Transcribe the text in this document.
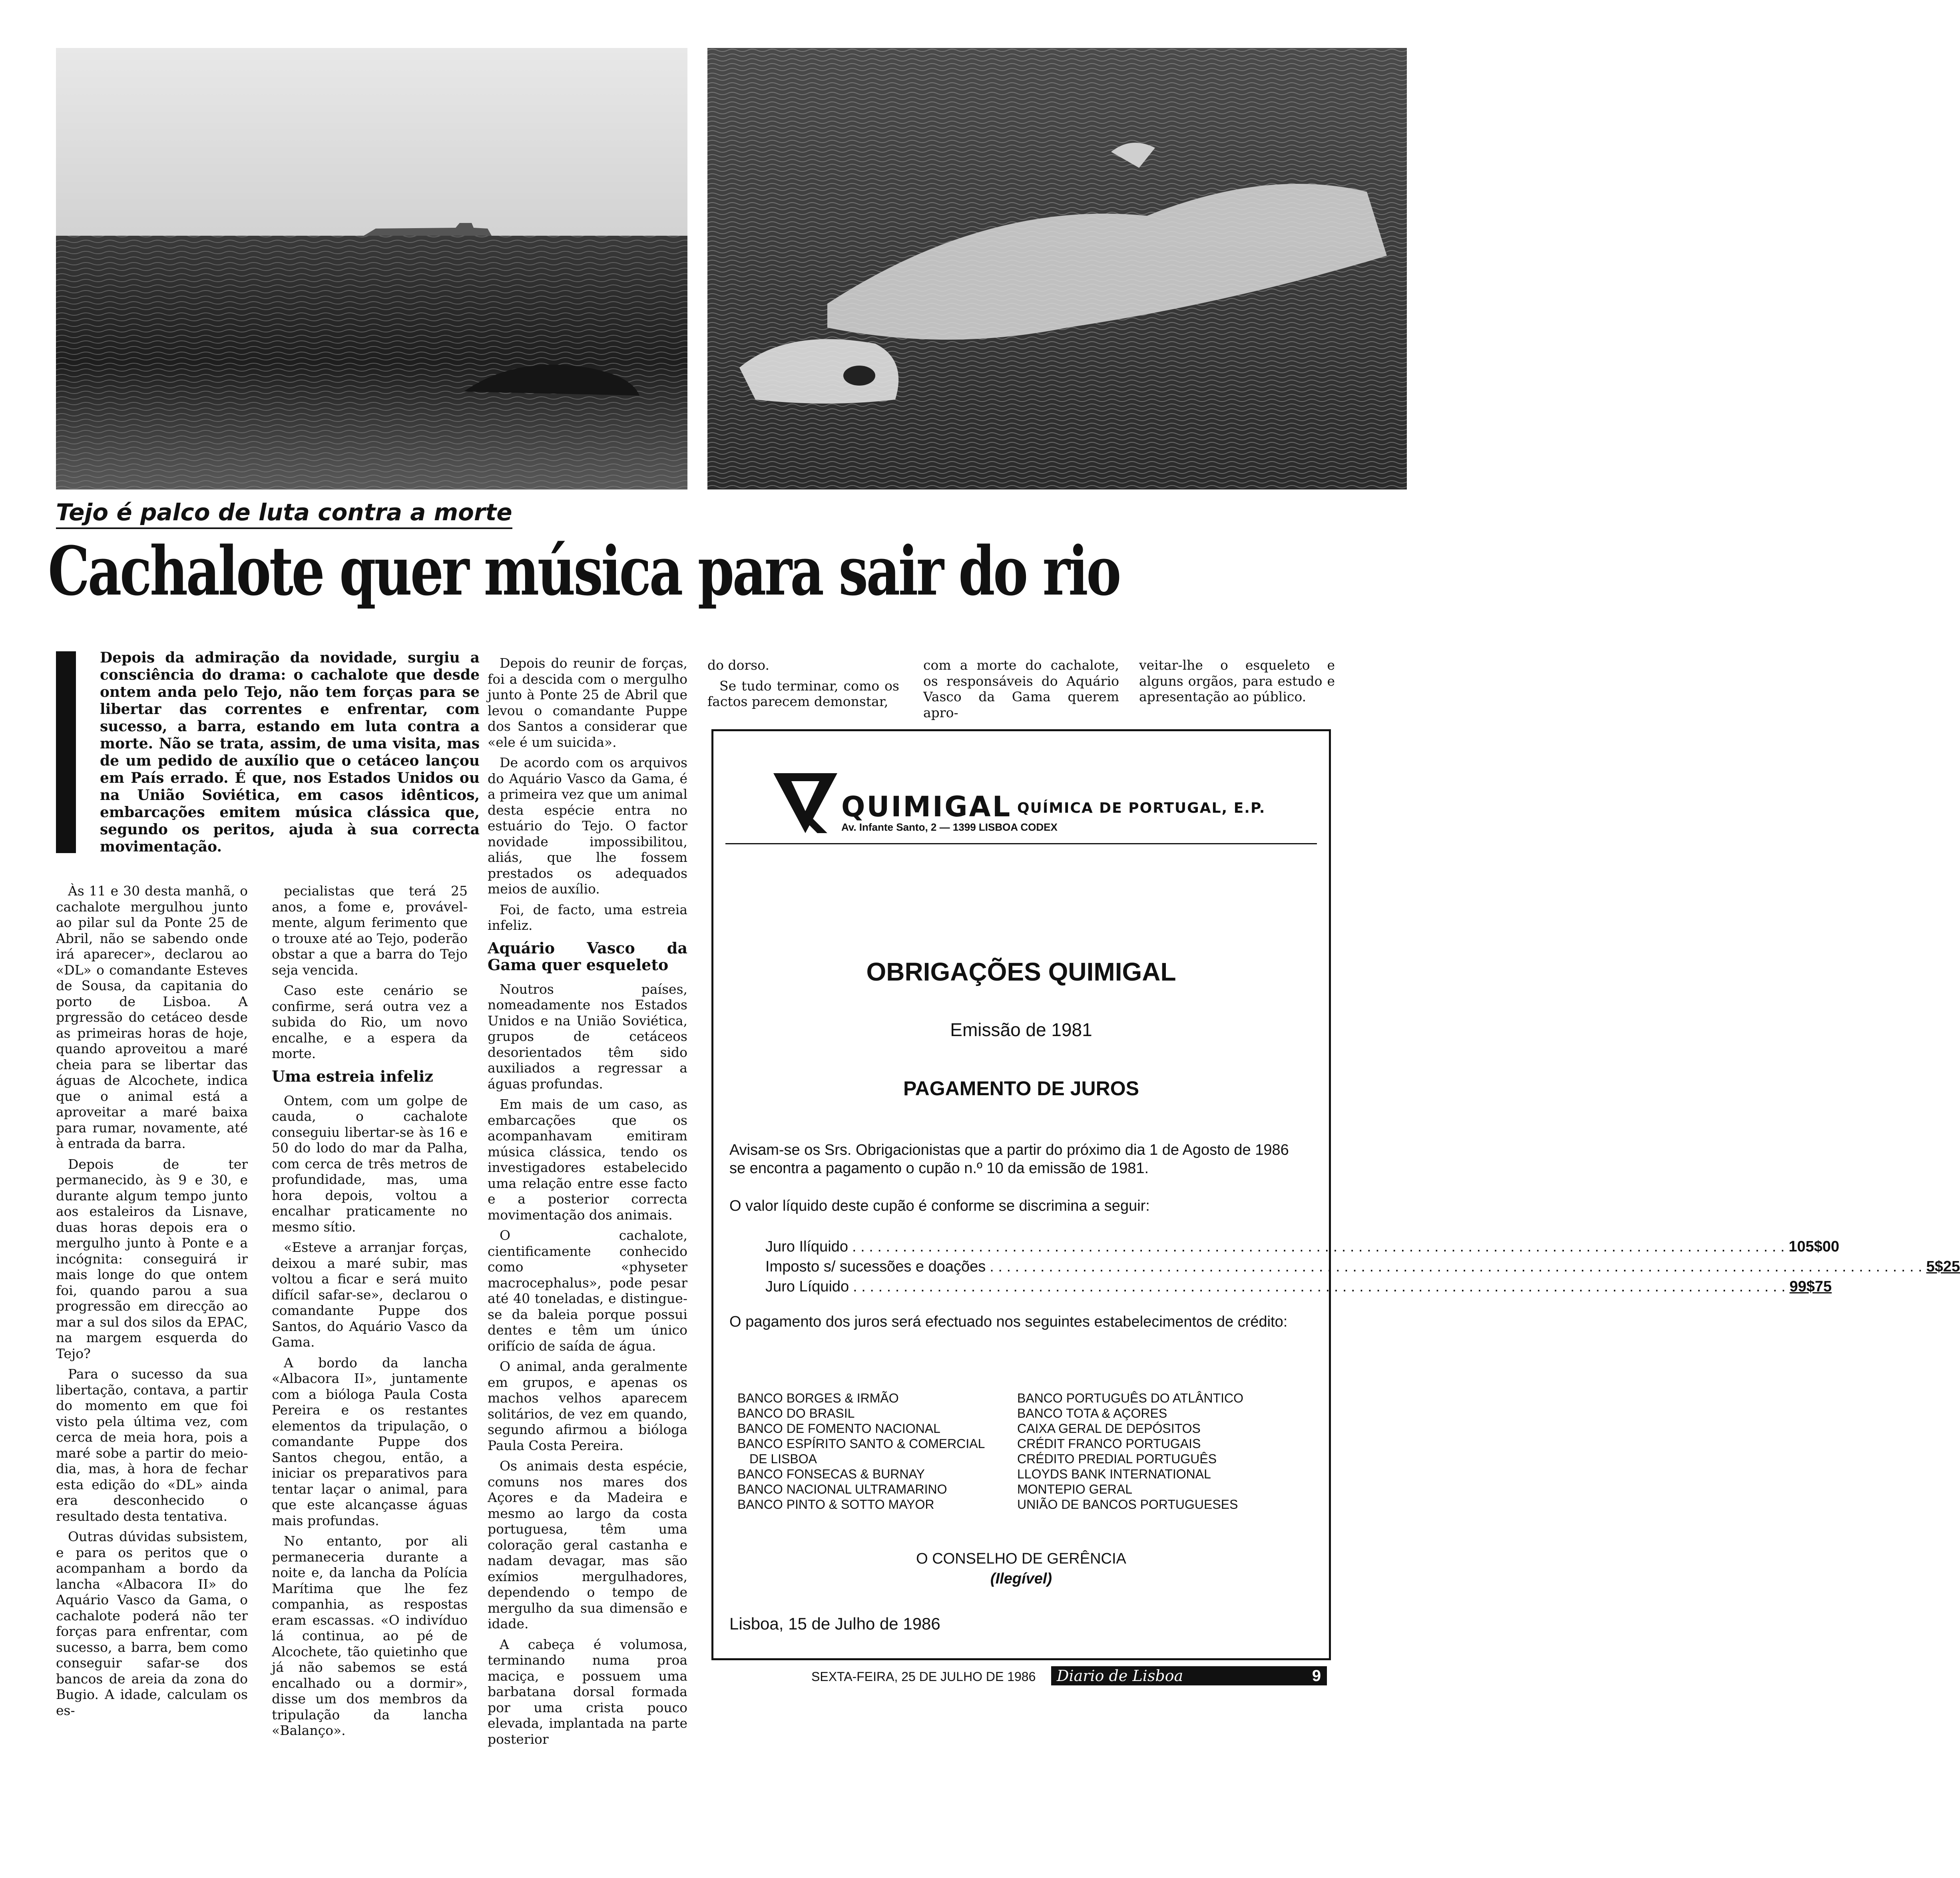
Tejo é palco de luta contra a morte
Cachalote quer música para sair do rio
Depois da admiração da novidade, surgiu a consciência do drama: o cachalote que desde ontem anda pelo Tejo, não tem forças para se libertar das correntes e enfrentar, com sucesso, a barra, estando em luta contra a morte. Não se trata, assim, de uma visita, mas de um pedido de auxílio que o cetáceo lançou em País errado. É que, nos Estados Unidos ou na União Soviética, em casos idênticos, embarcações emitem música clássica que, segundo os peritos, ajuda à sua correcta movimentação.

Às 11 e 30 desta manhã, o cachalote mergulhou junto ao pilar sul da Ponte 25 de Abril, não se sabendo onde irá aparecer», declarou ao «DL» o comandante Esteves de Sousa, da capitania do porto de Lisboa. A prgressão do cetáceo desde as primeiras horas de hoje, quando aproveitou a maré cheia para se libertar das águas de Alcochete, indica que o animal está a aproveitar a maré baixa para rumar, novamente, até à entrada da barra.

Depois de ter permanecido, às 9 e 30, e durante algum tempo junto aos estaleiros da Lisnave, duas horas depois era o mergulho junto à Ponte e a incógnita: conseguirá ir mais longe do que ontem foi, quando parou a sua progressão em direcção ao mar a sul dos silos da EPAC, na margem esquerda do Tejo?

Para o sucesso da sua libertação, contava, a partir do momento em que foi visto pela última vez, com cerca de meia hora, pois a maré sobe a partir do meio-dia, mas, à hora de fechar esta edição do «DL» ainda era desconhecido o resultado desta tentativa.

Outras dúvidas subsistem, e para os peritos que o acompanham a bordo da lancha «Albacora II» do Aquário Vasco da Gama, o cachalote poderá não ter forças para enfrentar, com sucesso, a barra, bem como conseguir safar-se dos bancos de areia da zona do Bugio. A idade, calculam os es-

pecialistas que terá 25 anos, a fome e, provável-mente, algum ferimento que o trouxe até ao Tejo, poderão obstar a que a barra do Tejo seja vencida.

Caso este cenário se confirme, será outra vez a subida do Rio, um novo encalhe, e a espera da morte.

Uma estreia infeliz

Ontem, com um golpe de cauda, o cachalote conseguiu libertar-se às 16 e 50 do lodo do mar da Palha, com cerca de três metros de profundidade, mas, uma hora depois, voltou a encalhar praticamente no mesmo sítio.

«Esteve a arranjar forças, deixou a maré subir, mas voltou a ficar e será muito difícil safar-se», declarou o comandante Puppe dos Santos, do Aquário Vasco da Gama.

A bordo da lancha «Albacora II», juntamente com a bióloga Paula Costa Pereira e os restantes elementos da tripulação, o comandante Puppe dos Santos chegou, então, a iniciar os preparativos para tentar laçar o animal, para que este alcançasse águas mais profundas.

No entanto, por ali permaneceria durante a noite e, da lancha da Polícia Marítima que lhe fez companhia, as respostas eram escassas. «O indivíduo lá continua, ao pé de Alcochete, tão quietinho que já não sabemos se está encalhado ou a dormir», disse um dos membros da tripulação da lancha «Balanço».

Depois do reunir de forças, foi a descida com o mergulho junto à Ponte 25 de Abril que levou o comandante Puppe dos Santos a considerar que «ele é um suicida».

De acordo com os arquivos do Aquário Vasco da Gama, é a primeira vez que um animal desta espécie entra no estuário do Tejo. O factor novidade impossibilitou, aliás, que lhe fossem prestados os adequados meios de auxílio.

Foi, de facto, uma estreia infeliz.

Aquário Vasco da Gama quer esqueleto

Noutros países, nomeadamente nos Estados Unidos e na União Soviética, grupos de cetáceos desorientados têm sido auxiliados a regressar a águas profundas.

Em mais de um caso, as embarcações que os acompanhavam emitiram música clássica, tendo os investigadores estabelecido uma relação entre esse facto e a posterior correcta movimentação dos animais.

O cachalote, cientificamente conhecido como «physeter macrocephalus», pode pesar até 40 toneladas, e distingue-se da baleia porque possui dentes e têm um único orifício de saída de água.

O animal, anda geralmente em grupos, e apenas os machos velhos aparecem solitários, de vez em quando, segundo afirmou a bióloga Paula Costa Pereira.

Os animais desta espécie, comuns nos mares dos Açores e da Madeira e mesmo ao largo da costa portuguesa, têm uma coloração geral castanha e nadam devagar, mas são exímios mergulhadores, dependendo o tempo de mergulho da sua dimensão e idade.

A cabeça é volumosa, terminando numa proa maciça, e possuem uma barbatana dorsal formada por uma crista pouco elevada, implantada na parte posterior

do dorso.

Se tudo terminar, como os factos parecem demonstar,

com a morte do cachalote, os responsáveis do Aquário Vasco da Gama querem apro-

veitar-lhe o esqueleto e alguns orgãos, para estudo e apresentação ao público.

QUIMIGAL QUÍMICA DE PORTUGAL, E.P.
Av. Infante Santo, 2 — 1399 LISBOA CODEX
OBRIGAÇÕES QUIMIGAL
Emissão de 1981
PAGAMENTO DE JUROS
Avisam-se os Srs. Obrigacionistas que a partir do próximo dia 1 de Agosto de 1986 se encontra a pagamento o cupão n.º 10 da emissão de 1981.
O valor líquido deste cupão é conforme se discrimina a seguir:
Juro Ilíquido . . .	105$00
Imposto s/ sucessões e doações . . .	5$25
Juro Líquido . . .	99$75
O pagamento dos juros será efectuado nos seguintes estabelecimentos de crédito:
BANCO BORGES & IRMÃO
BANCO DO BRASIL
BANCO DE FOMENTO NACIONAL
BANCO ESPÍRITO SANTO & COMERCIAL
DE LISBOA
BANCO FONSECAS & BURNAY
BANCO NACIONAL ULTRAMARINO
BANCO PINTO & SOTTO MAYOR
BANCO PORTUGUÊS DO ATLÂNTICO
BANCO TOTA & AÇORES
CAIXA GERAL DE DEPÓSITOS
CRÉDIT FRANCO PORTUGAIS
CRÉDITO PREDIAL PORTUGUÊS
LLOYDS BANK INTERNATIONAL
MONTEPIO GERAL
UNIÃO DE BANCOS PORTUGUESES
O CONSELHO DE GERÊNCIA
(Ilegível)
Lisboa, 15 de Julho de 1986
SEXTA-FEIRA, 25 DE JULHO DE 1986	Diario de Lisboa	9
